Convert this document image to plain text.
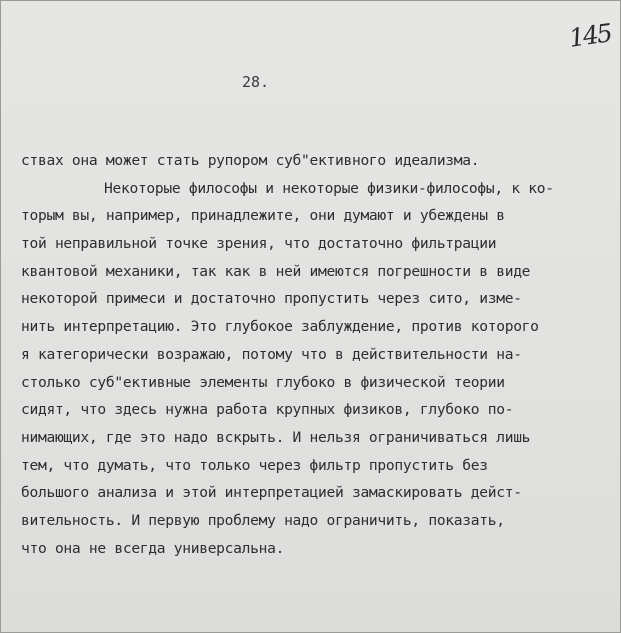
145
28.
ствах она может стать рупором суб"ективного идеализма.
Некоторые философы и некоторые физики-философы, к ко-
торым вы, например, принадлежите, они думают и убеждены в
той неправильной точке зрения, что достаточно фильтрации
квантовой механики, так как в ней имеются погрешности в виде
некоторой примеси и достаточно пропустить через сито, изме-
нить интерпретацию. Это глубокое заблуждение, против которого
я категорически возражаю, потому что в действительности на-
столько суб"ективные элементы глубоко в физической теории
сидят, что здесь нужна работа крупных физиков, глубоко по-
нимающих, где это надо вскрыть. И нельзя ограничиваться лишь
тем, что думать, что только через фильтр пропустить без
большого анализа и этой интерпретацией замаскировать дейст-
вительность. И первую проблему надо ограничить, показать,
что она не всегда универсальна.
